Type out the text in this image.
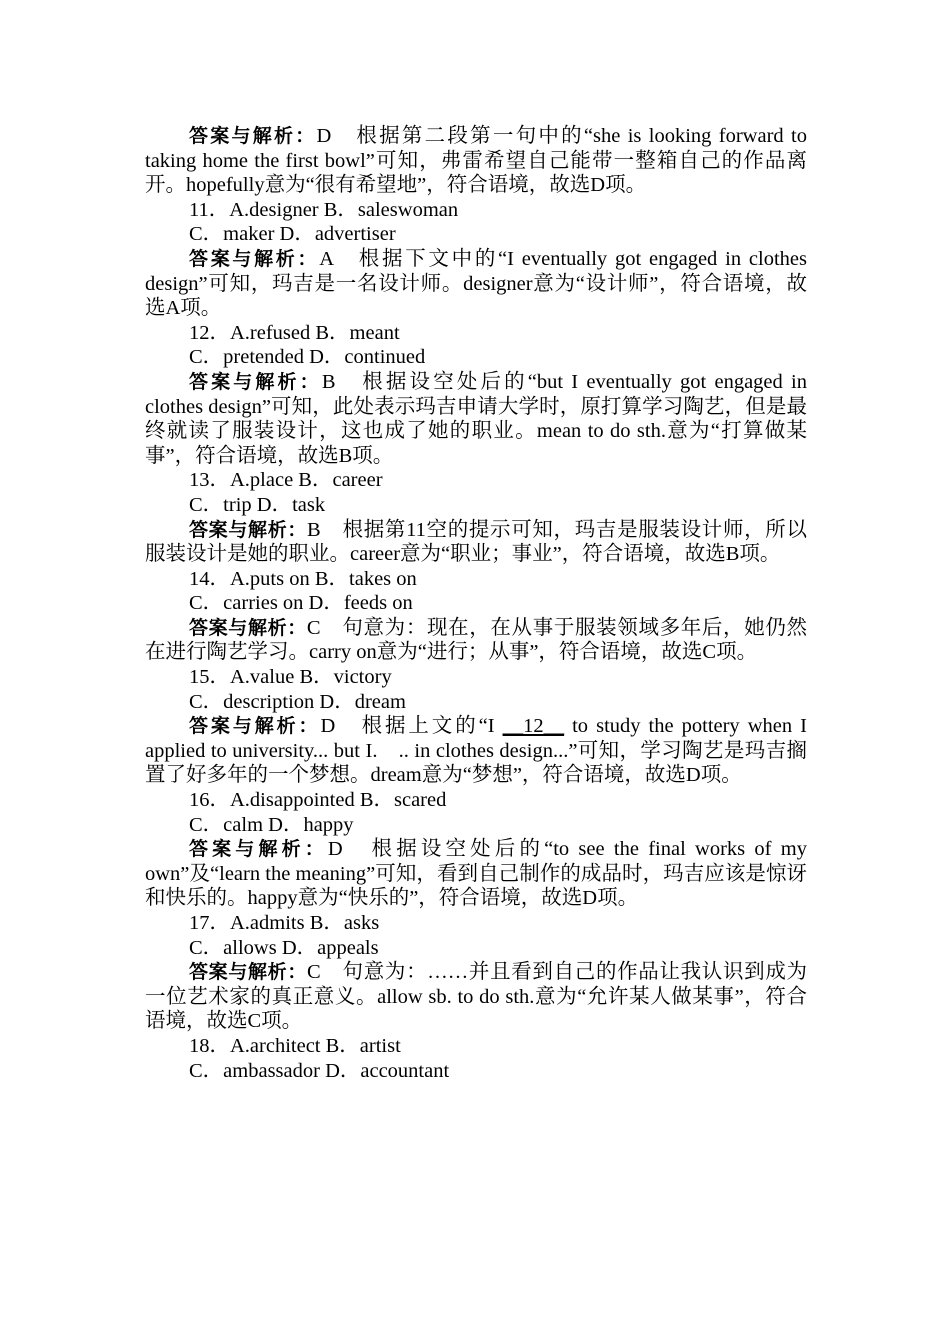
答案与解析：D　根据第二段第一句中的“she is looking forward to taking home the first bowl”可知，弗雷希望自己能带一整箱自己的作品离开。hopefully意为“很有希望地”，符合语境，故选D项。

11．A.designer B．saleswoman

C．maker D．advertiser

答案与解析：A　根据下文中的“I eventually got engaged in clothes design”可知，玛吉是一名设计师。designer意为“设计师”，符合语境，故选A项。

12．A.refused B．meant

C．pretended D．continued

答案与解析：B　根据设空处后的“but I eventually got engaged in clothes design”可知，此处表示玛吉申请大学时，原打算学习陶艺，但是最终就读了服装设计，这也成了她的职业。mean to do sth.意为“打算做某事”，符合语境，故选B项。

13．A.place B．career

C．trip D．task

答案与解析：B　根据第11空的提示可知，玛吉是服装设计师，所以服装设计是她的职业。career意为“职业；事业”，符合语境，故选B项。

14．A.puts on B．takes on

C．carries on D．feeds on

答案与解析：C　句意为：现在，在从事于服装领域多年后，她仍然在进行陶艺学习。carry on意为“进行；从事”，符合语境，故选C项。

15．A.value B．victory

C．description D．dream

答案与解析：D　根据上文的“I __12__ to study the pottery when I applied to university... but I.　.. in clothes design...”可知，学习陶艺是玛吉搁置了好多年的一个梦想。dream意为“梦想”，符合语境，故选D项。

16．A.disappointed B．scared

C．calm D．happy

答案与解析：D　根据设空处后的“to see the final works of my own”及“learn the meaning”可知，看到自己制作的成品时，玛吉应该是惊讶和快乐的。happy意为“快乐的”，符合语境，故选D项。

17．A.admits B．asks

C．allows D．appeals

答案与解析：C　句意为：……并且看到自己的作品让我认识到成为一位艺术家的真正意义。allow sb. to do sth.意为“允许某人做某事”，符合语境，故选C项。

18．A.architect B．artist

C．ambassador D．accountant
